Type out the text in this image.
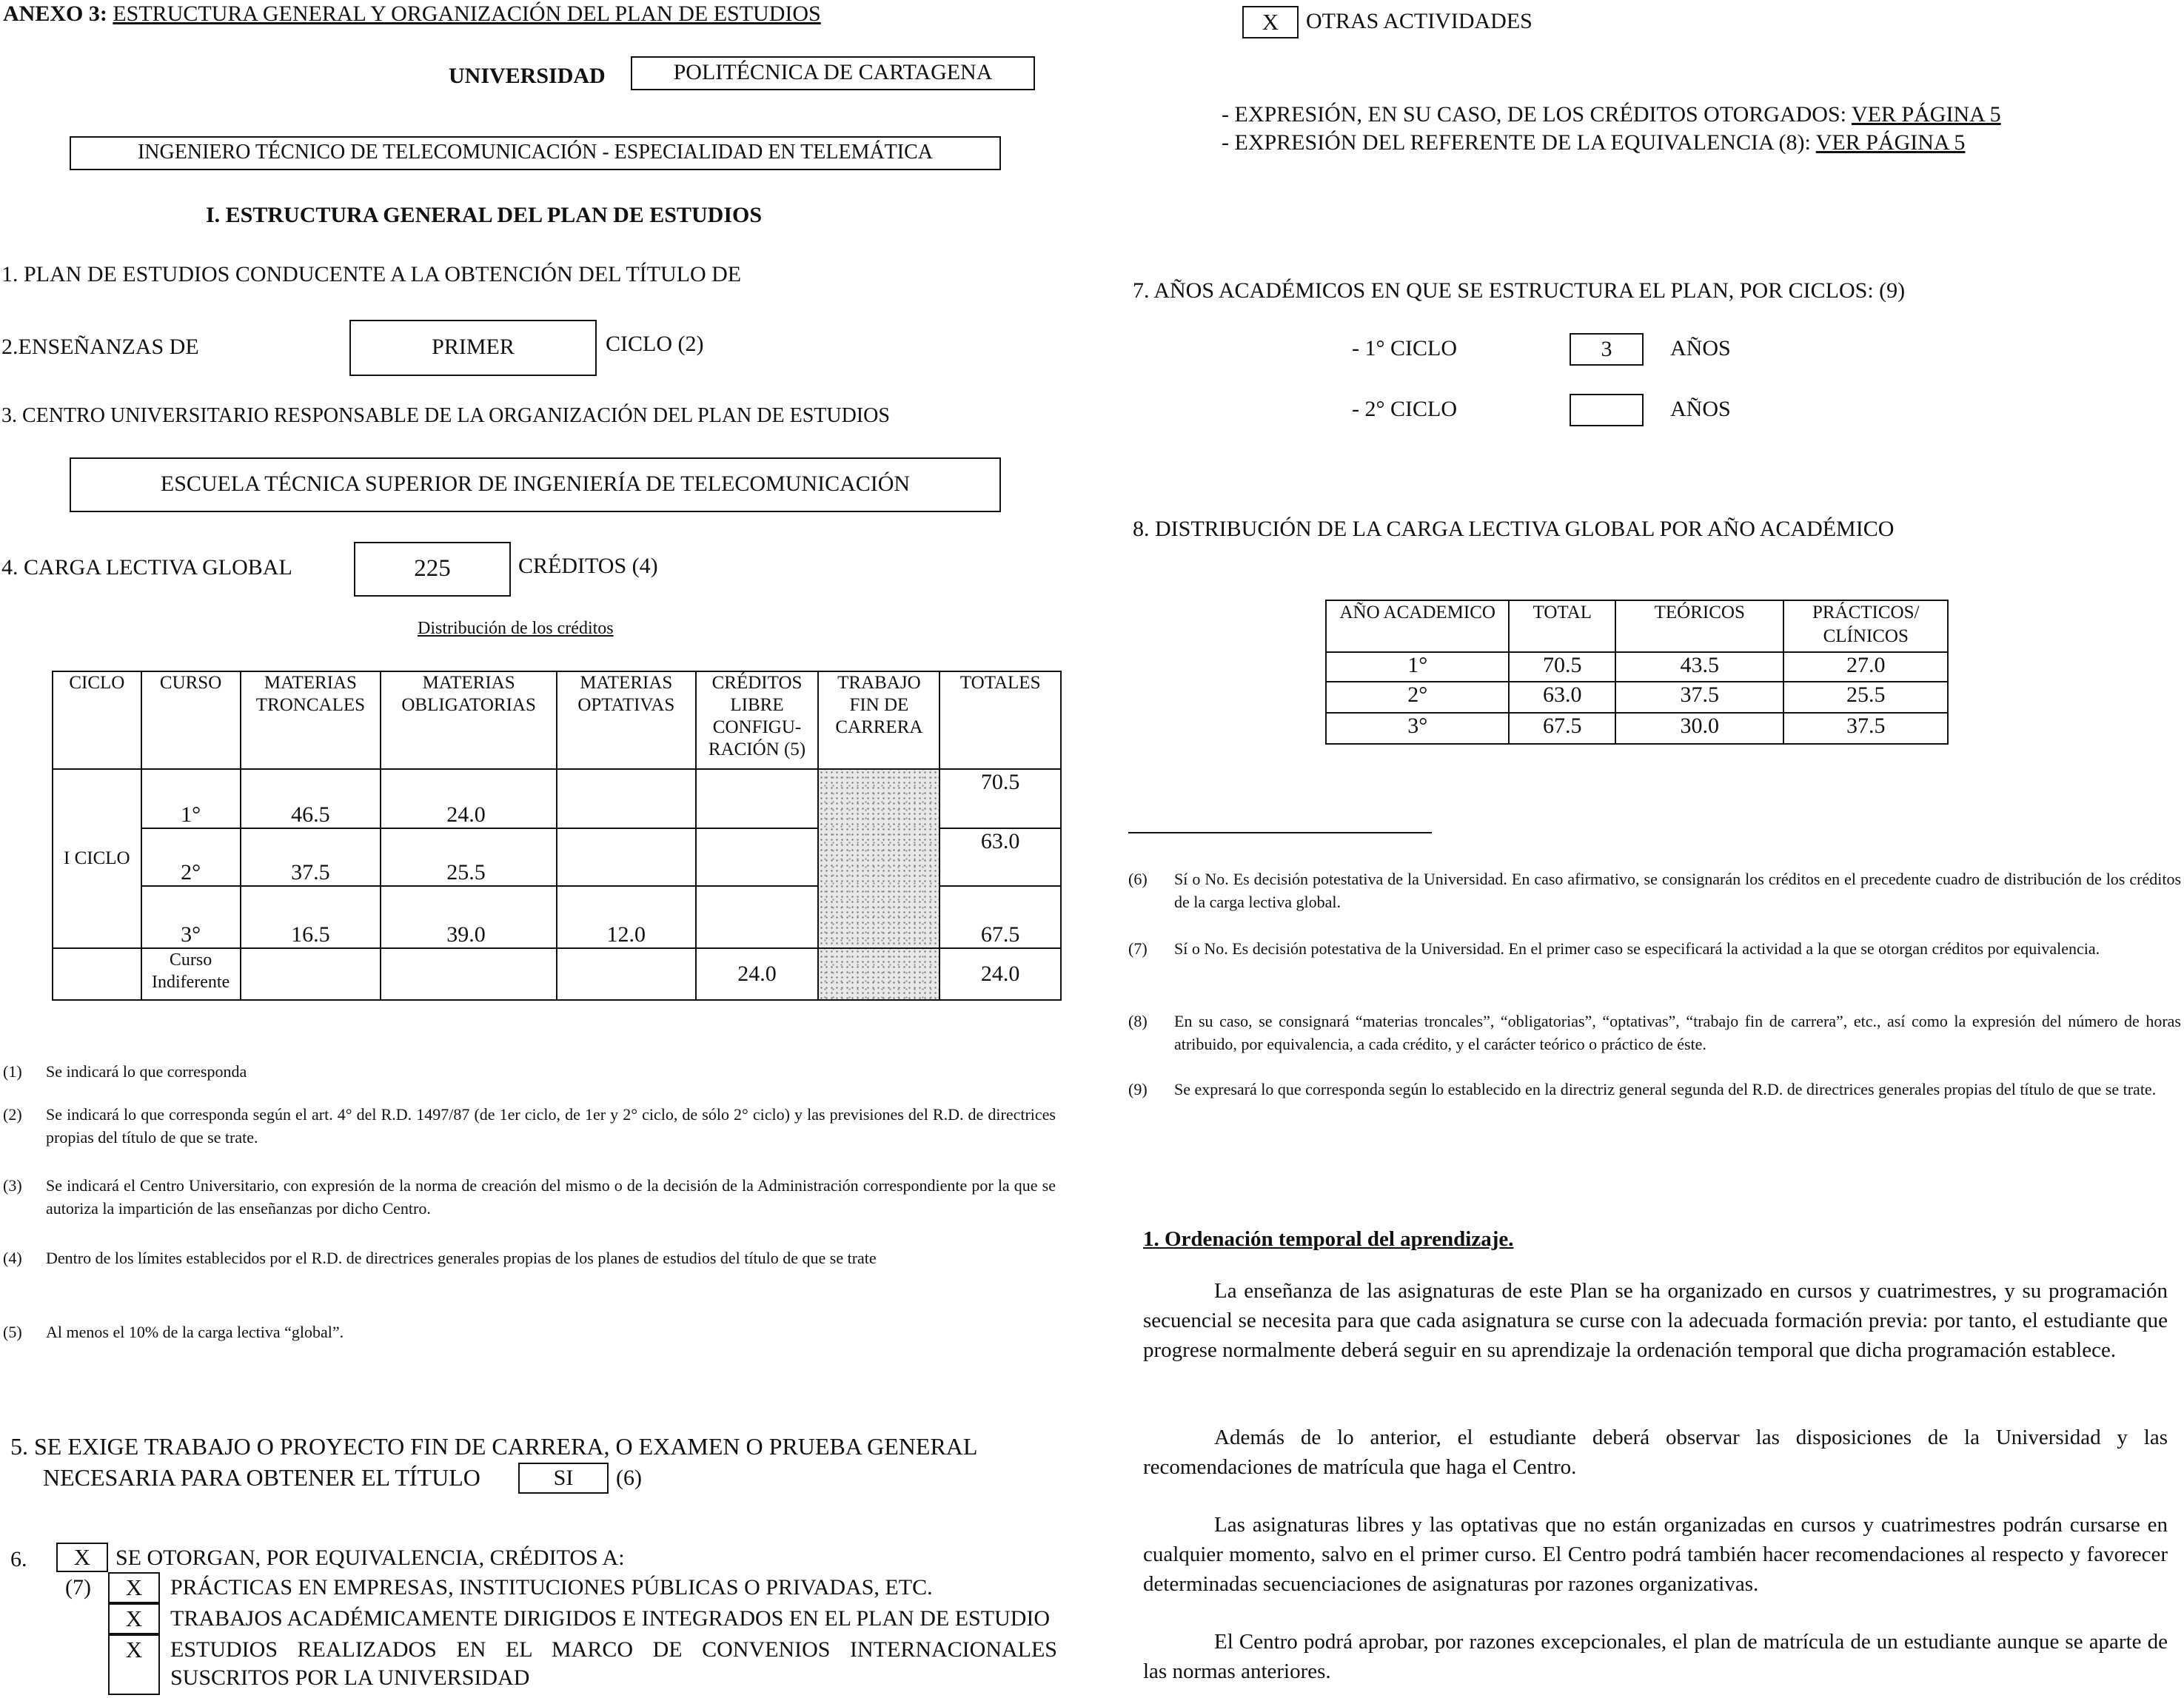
ANEXO 3: ESTRUCTURA GENERAL Y ORGANIZACIÓN DEL PLAN DE ESTUDIOS
UNIVERSIDAD	POLITÉCNICA DE CARTAGENA
INGENIERO TÉCNICO DE TELECOMUNICACIÓN - ESPECIALIDAD EN TELEMÁTICA
I. ESTRUCTURA GENERAL DEL PLAN DE ESTUDIOS
1. PLAN DE ESTUDIOS CONDUCENTE A LA OBTENCIÓN DEL TÍTULO DE
2.ENSEÑANZAS DE	PRIMER	CICLO (2)
3. CENTRO UNIVERSITARIO RESPONSABLE DE LA ORGANIZACIÓN DEL PLAN DE ESTUDIOS
ESCUELA TÉCNICA SUPERIOR DE INGENIERÍA DE TELECOMUNICACIÓN
4. CARGA LECTIVA GLOBAL	225	CRÉDITOS (4)
Distribución de los créditos
CICLO	CURSO	MATERIAS TRONCALES	MATERIAS OBLIGATORIAS	MATERIAS OPTATIVAS	CRÉDITOS LIBRE CONFIGU- RACIÓN (5)	TRABAJO FIN DE CARRERA	TOTALES
I CICLO	1°	46.5	24.0				70.5
	2°	37.5	25.5				63.0
	3°	16.5	39.0	12.0			67.5
	Curso Indiferente				24.0		24.0
(1) Se indicará lo que corresponda
(2) Se indicará lo que corresponda según el art. 4° del R.D. 1497/87 (de 1er ciclo, de 1er y 2° ciclo, de sólo 2° ciclo) y las previsiones del R.D. de directrices propias del título de que se trate.
(3) Se indicará el Centro Universitario, con expresión de la norma de creación del mismo o de la decisión de la Administración correspondiente por la que se autoriza la impartición de las enseñanzas por dicho Centro.
(4) Dentro de los límites establecidos por el R.D. de directrices generales propias de los planes de estudios del título de que se trate
(5) Al menos el 10% de la carga lectiva “global”.
5. SE EXIGE TRABAJO O PROYECTO FIN DE CARRERA, O EXAMEN O PRUEBA GENERAL
NECESARIA PARA OBTENER EL TÍTULO	SI	(6)
6.	X	SE OTORGAN, POR EQUIVALENCIA, CRÉDITOS A:
(7)	X	PRÁCTICAS EN EMPRESAS, INSTITUCIONES PÚBLICAS O PRIVADAS, ETC.
X	TRABAJOS ACADÉMICAMENTE DIRIGIDOS E INTEGRADOS EN EL PLAN DE ESTUDIO
X	ESTUDIOS REALIZADOS EN EL MARCO DE CONVENIOS INTERNACIONALES
SUSCRITOS POR LA UNIVERSIDAD
X	OTRAS ACTIVIDADES
- EXPRESIÓN, EN SU CASO, DE LOS CRÉDITOS OTORGADOS: VER PÁGINA 5
- EXPRESIÓN DEL REFERENTE DE LA EQUIVALENCIA (8): VER PÁGINA 5
7. AÑOS ACADÉMICOS EN QUE SE ESTRUCTURA EL PLAN, POR CICLOS: (9)
- 1° CICLO	3	AÑOS
- 2° CICLO	AÑOS
8. DISTRIBUCIÓN DE LA CARGA LECTIVA GLOBAL POR AÑO ACADÉMICO
AÑO ACADEMICO	TOTAL	TEÓRICOS	PRÁCTICOS/ CLÍNICOS
1°	70.5	43.5	27.0
2°	63.0	37.5	25.5
3°	67.5	30.0	37.5
(6) Sí o No. Es decisión potestativa de la Universidad. En caso afirmativo, se consignarán los créditos en el precedente cuadro de distribución de los créditos de la carga lectiva global.
(7) Sí o No. Es decisión potestativa de la Universidad. En el primer caso se especificará la actividad a la que se otorgan créditos por equivalencia.
(8) En su caso, se consignará “materias troncales”, “obligatorias”, “optativas”, “trabajo fin de carrera”, etc., así como la expresión del número de horas atribuido, por equivalencia, a cada crédito, y el carácter teórico o práctico de éste.
(9) Se expresará lo que corresponda según lo establecido en la directriz general segunda del R.D. de directrices generales propias del título de que se trate.
1. Ordenación temporal del aprendizaje.
La enseñanza de las asignaturas de este Plan se ha organizado en cursos y cuatrimestres, y su programación secuencial se necesita para que cada asignatura se curse con la adecuada formación previa: por tanto, el estudiante que progrese normalmente deberá seguir en su aprendizaje la ordenación temporal que dicha programación establece.
Además de lo anterior, el estudiante deberá observar las disposiciones de la Universidad y las recomendaciones de matrícula que haga el Centro.
Las asignaturas libres y las optativas que no están organizadas en cursos y cuatrimestres podrán cursarse en cualquier momento, salvo en el primer curso. El Centro podrá también hacer recomendaciones al respecto y favorecer determinadas secuenciaciones de asignaturas por razones organizativas.
El Centro podrá aprobar, por razones excepcionales, el plan de matrícula de un estudiante aunque se aparte de las normas anteriores.
